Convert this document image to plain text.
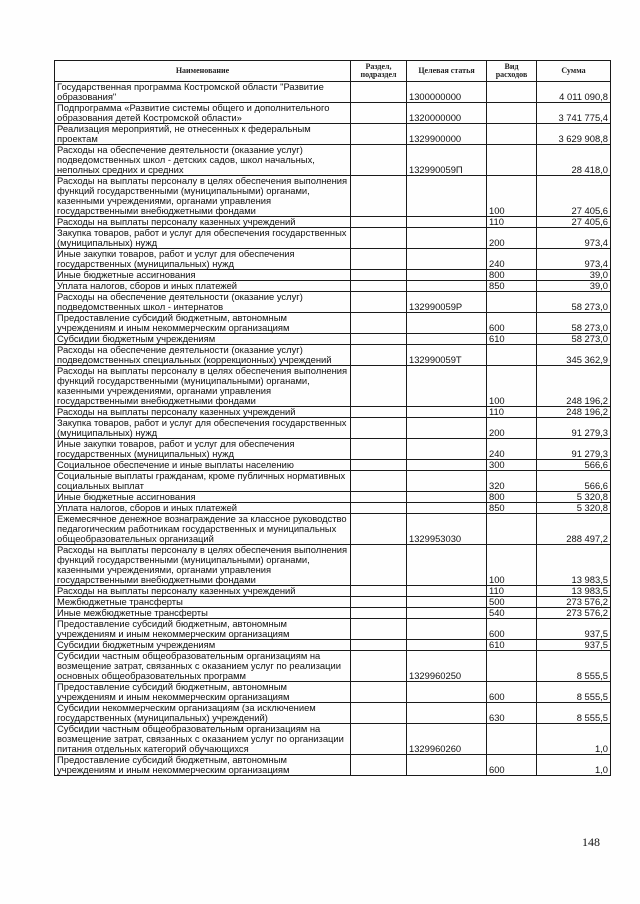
Наименование	Раздел, подраздел	Целевая статья	Вид расходов	Сумма
Государственная программа Костромской области "Развитие образования"		1300000000		4 011 090,8
Подпрограмма «Развитие системы общего и дополнительного образования детей Костромской области»		1320000000		3 741 775,4
Реализация мероприятий, не отнесенных к федеральным проектам		1329900000		3 629 908,8
Расходы на обеспечение деятельности (оказание услуг) подведомственных школ - детских садов, школ начальных, неполных средних и средних		132990059П		28 418,0
Расходы на выплаты персоналу в целях обеспечения выполнения функций государственными (муниципальными) органами, казенными учреждениями, органами управления государственными внебюджетными фондами			100	27 405,6
Расходы на выплаты персоналу казенных учреждений			110	27 405,6
Закупка товаров, работ и услуг для обеспечения государственных (муниципальных) нужд			200	973,4
Иные закупки товаров, работ и услуг для обеспечения государственных (муниципальных) нужд			240	973,4
Иные бюджетные ассигнования			800	39,0
Уплата налогов, сборов и иных платежей			850	39,0
Расходы на обеспечение деятельности (оказание услуг) подведомственных школ - интернатов		132990059Р		58 273,0
Предоставление субсидий бюджетным, автономным учреждениям и иным некоммерческим организациям			600	58 273,0
Субсидии бюджетным учреждениям			610	58 273,0
Расходы на обеспечение деятельности (оказание услуг) подведомственных специальных (коррекционных) учреждений		132990059Т		345 362,9
Расходы на выплаты персоналу в целях обеспечения выполнения функций государственными (муниципальными) органами, казенными учреждениями, органами управления государственными внебюджетными фондами			100	248 196,2
Расходы на выплаты персоналу казенных учреждений			110	248 196,2
Закупка товаров, работ и услуг для обеспечения государственных (муниципальных) нужд			200	91 279,3
Иные закупки товаров, работ и услуг для обеспечения государственных (муниципальных) нужд			240	91 279,3
Социальное обеспечение и иные выплаты населению			300	566,6
Социальные выплаты гражданам, кроме публичных нормативных социальных выплат			320	566,6
Иные бюджетные ассигнования			800	5 320,8
Уплата налогов, сборов и иных платежей			850	5 320,8
Ежемесячное денежное вознаграждение за классное руководство педагогическим работникам государственных и муниципальных общеобразовательных организаций		1329953030		288 497,2
Расходы на выплаты персоналу в целях обеспечения выполнения функций государственными (муниципальными) органами, казенными учреждениями, органами управления государственными внебюджетными фондами			100	13 983,5
Расходы на выплаты персоналу казенных учреждений			110	13 983,5
Межбюджетные трансферты			500	273 576,2
Иные межбюджетные трансферты			540	273 576,2
Предоставление субсидий бюджетным, автономным учреждениям и иным некоммерческим организациям			600	937,5
Субсидии бюджетным учреждениям			610	937,5
Субсидии частным общеобразовательным организациям на возмещение затрат, связанных с оказанием услуг по реализации основных общеобразовательных программ		1329960250		8 555,5
Предоставление субсидий бюджетным, автономным учреждениям и иным некоммерческим организациям			600	8 555,5
Субсидии некоммерческим организациям (за исключением государственных (муниципальных) учреждений)			630	8 555,5
Субсидии частным общеобразовательным организациям на возмещение затрат, связанных с оказанием услуг по организации питания отдельных категорий обучающихся		1329960260		1,0
Предоставление субсидий бюджетным, автономным учреждениям и иным некоммерческим организациям			600	1,0
148
